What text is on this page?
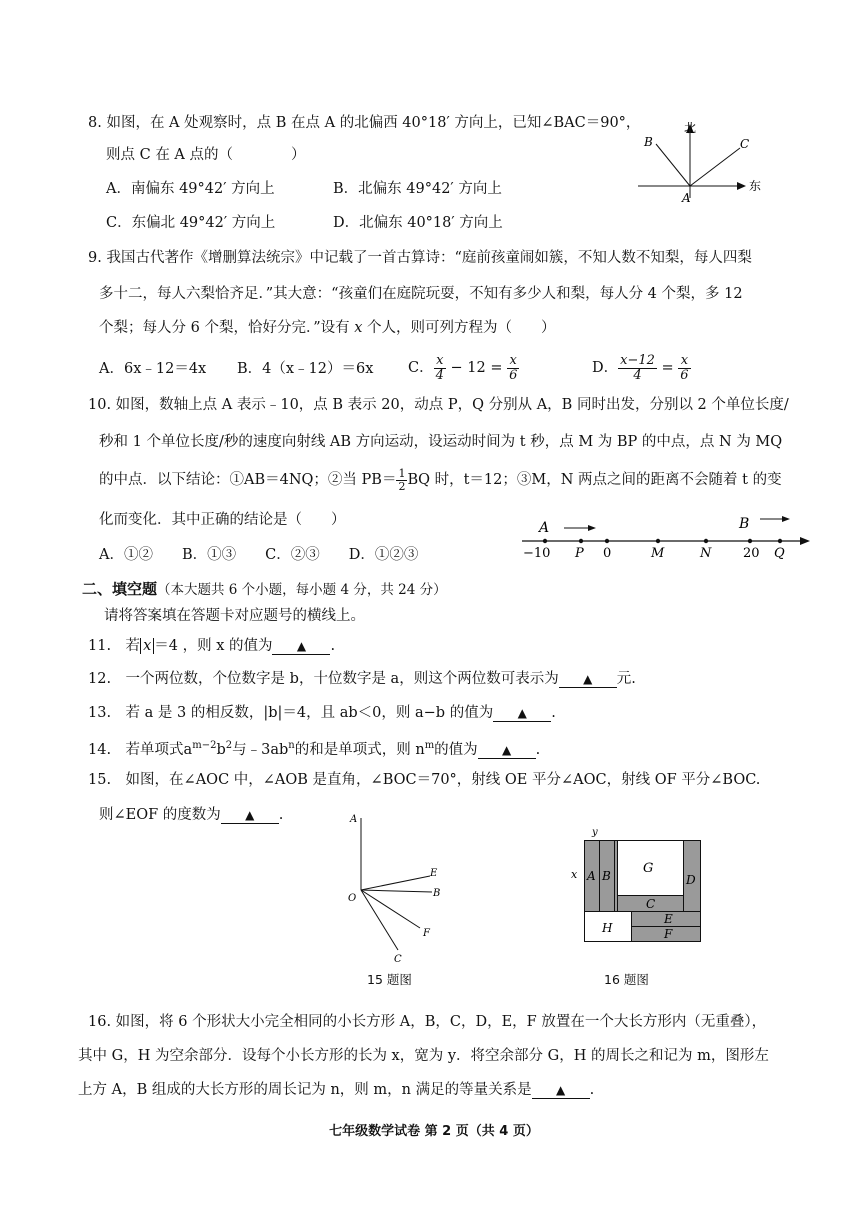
8. 如图，在 A 处观察时，点 B 在点 A 的北偏西 40°18′ 方向上，已知∠BAC＝90°，
则点 C 在 A 点的（　　　　）
A．南偏东 49°42′ 方向上	B．北偏东 49°42′ 方向上
C．东偏北 49°42′ 方向上	D．北偏东 40°18′ 方向上
北
东
B	C
A
9. 我国古代著作《增删算法统宗》中记载了一首古算诗：“庭前孩童闹如簇，不知人数不知梨，每人四梨
多十二，每人六梨恰齐足．”其大意：“孩童们在庭院玩耍，不知有多少人和梨，每人分 4 个梨，多 12
个梨；每人分 6 个梨，恰好分完．”设有 x 个人，则可列方程为（　　）
A．6x﹣12＝4x B．4（x﹣12）＝6x C． $\frac{x}{4} - 12 = \frac{x}{6}$	D． $\frac{x-12}{4} = \frac{x}{6}$
10. 如图，数轴上点 A 表示﹣10，点 B 表示 20，动点 P，Q 分别从 A，B 同时出发，分别以 2 个单位长度/
秒和 1 个单位长度/秒的速度向射线 AB 方向运动，设运动时间为 t 秒，点 M 为 BP 的中点，点 N 为 MQ
的中点．以下结论：①AB＝4NQ；②当 $PB= \frac{1}{2}$ BQ 时，t＝12；③M，N 两点之间的距离不会随着 t 的变
化而变化．其中正确的结论是（　　）
A．①②　　B．①③　　C．②③　　D．①②③
A	B
−10 P 0	M	N 20 Q
二、填空题（本大题共 6 个小题，每小题 4 分，共 24 分）
请将答案填在答题卡对应题号的横线上。
11.　若 x ＝4 ，则 x 的值为 ▲ .
12.　一个两位数，个位数字是 b，十位数字是 a，则这个两位数可表示为 ▲ 元.
13.　若 a 是 3 的相反数，|b|＝4，且 ab＜0，则 a−b 的值为 ▲ .
14.　若单项式$a^{m-2}b^2$与$﹣3ab^n$的和是单项式，则 $n^m$的值为 ▲ .
15.　如图，在∠AOC 中，∠AOB 是直角，∠BOC＝70°，射线 OE 平分∠AOC，射线 OF 平分∠BOC.
则∠EOF 的度数为 ▲ .	A
O
E
B
F
C
15 题图
y
x A B G
D
C
E
H	F
16 题图
16. 如图，将 6 个形状大小完全相同的小长方形 A，B，C，D，E，F 放置在一个大长方形内（无重叠），
其中 G，H 为空余部分．设每个小长方形的长为 x，宽为 y．将空余部分 G，H 的周长之和记为 m，图形左
上方 A，B 组成的大长方形的周长记为 n，则 m，n 满足的等量关系是 ▲ .
七年级数学试卷 第 2 页（共 4 页）
